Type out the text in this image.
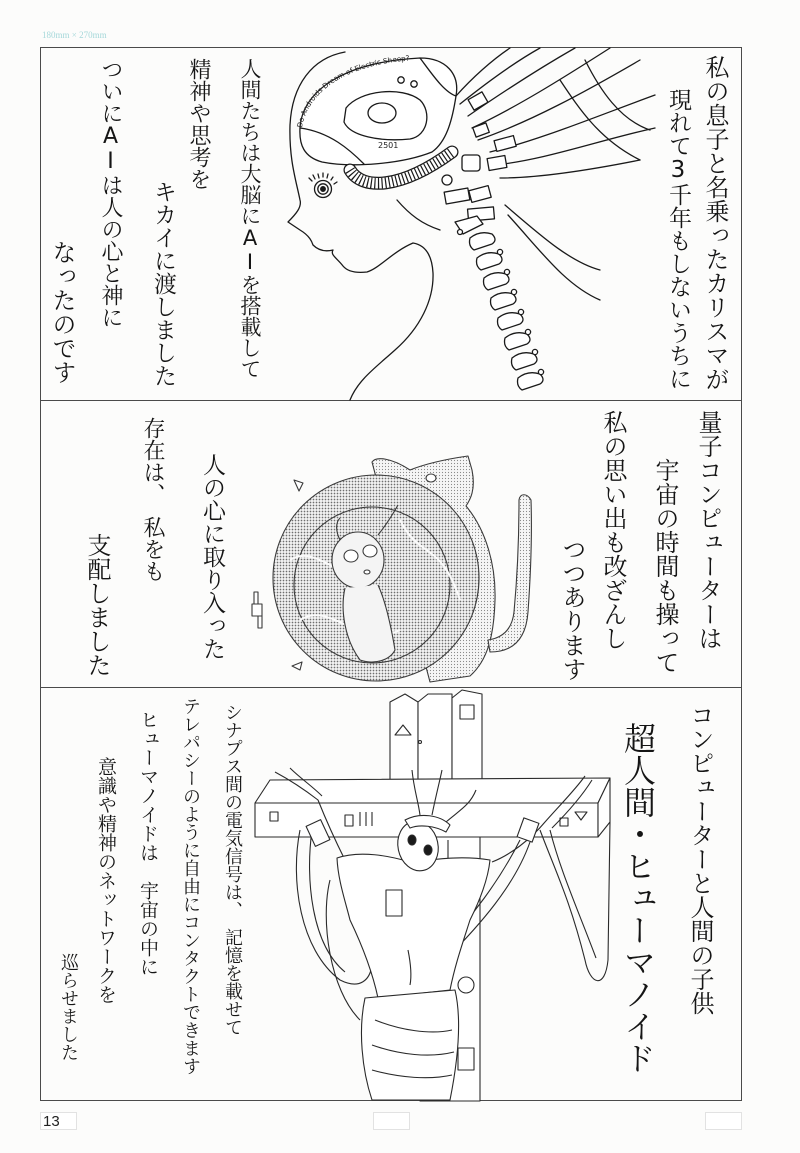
180mm × 270mm
Do Androids Dream of Electric Sheep?
2501	私の息子と名乗ったカリスマが
現れて3千年もしないうちに
人間たちは大脳にAIを搭載して
精神や思考を
キカイに渡しました
ついにAIは人の心と神に
なったのです
量子コンピューターは
宇宙の時間も操って
私の思い出も改ざんし
つつあります
人の心に取り入った
存在は、　私をも
支配しました
コンピューターと人間の子供
超人間・ヒューマノイド
シナプス間の電気信号は、　記憶を載せて
テレパシーのように自由にコンタクトできます
ヒューマノイドは　宇宙の中に
意識や精神のネットワークを
巡らせました
13
